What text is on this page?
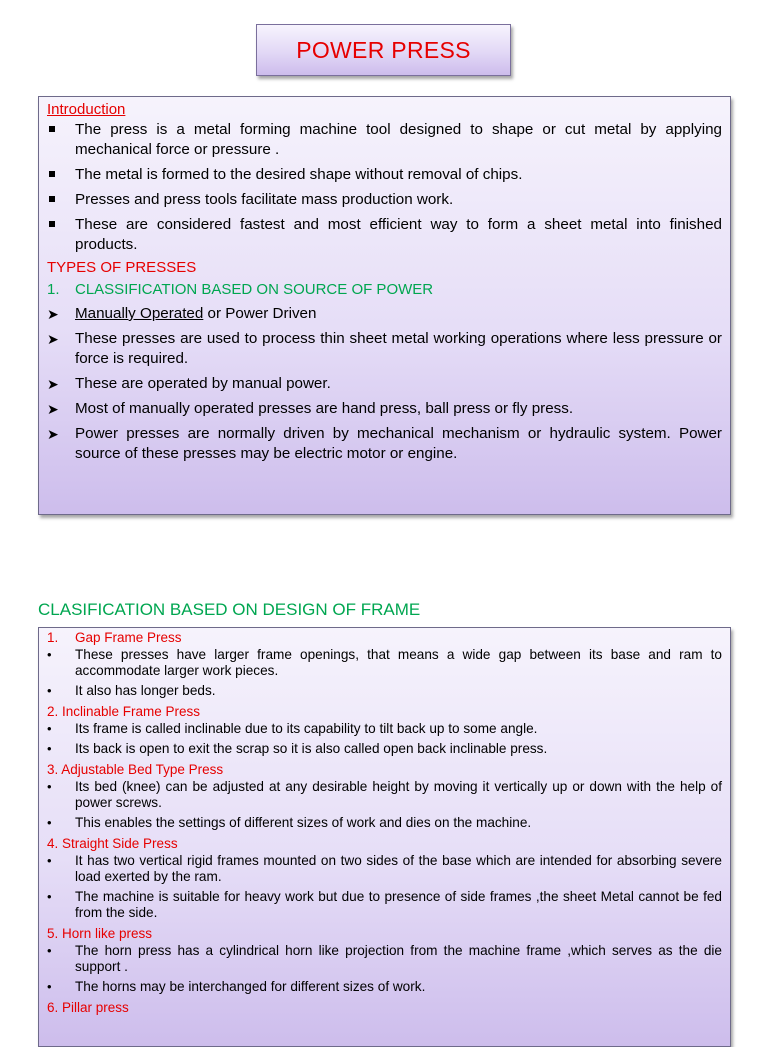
POWER PRESS
Introduction
The press is a metal forming machine tool designed to shape or cut metal by applying mechanical force or pressure .
The metal is formed to the desired shape without removal of chips.
Presses and press tools facilitate mass production work.
These are considered fastest and most efficient way to form a sheet metal into finished products.
TYPES OF PRESSES
1. CLASSIFICATION BASED ON SOURCE OF POWER
➤	Manually Operated or Power Driven
➤	These presses are used to process thin sheet metal working operations where less pressure or force is required.
➤	These are operated by manual power.
➤	Most of manually operated presses are hand press, ball press or fly press.
➤	Power presses are normally driven by mechanical mechanism or hydraulic system. Power source of these presses may be electric motor or engine.
CLASIFICATION BASED ON DESIGN OF FRAME
1. Gap Frame Press
• These presses have larger frame openings, that means a wide gap between its base and ram to accommodate larger work pieces.
• It also has longer beds.
2. Inclinable Frame Press
• Its frame is called inclinable due to its capability to tilt back up to some angle.
• Its back is open to exit the scrap so it is also called open back inclinable press.
3. Adjustable Bed Type Press
• Its bed (knee) can be adjusted at any desirable height by moving it vertically up or down with the help of power screws.
• This enables the settings of different sizes of work and dies on the machine.
4. Straight Side Press
• It has two vertical rigid frames mounted on two sides of the base which are intended for absorbing severe load exerted by the ram.
• The machine is suitable for heavy work but due to presence of side frames ,the sheet Metal cannot be fed from the side.
5. Horn like press
• The horn press has a cylindrical horn like projection from the machine frame ,which serves as the die support .
• The horns may be interchanged for different sizes of work.
6. Pillar press
